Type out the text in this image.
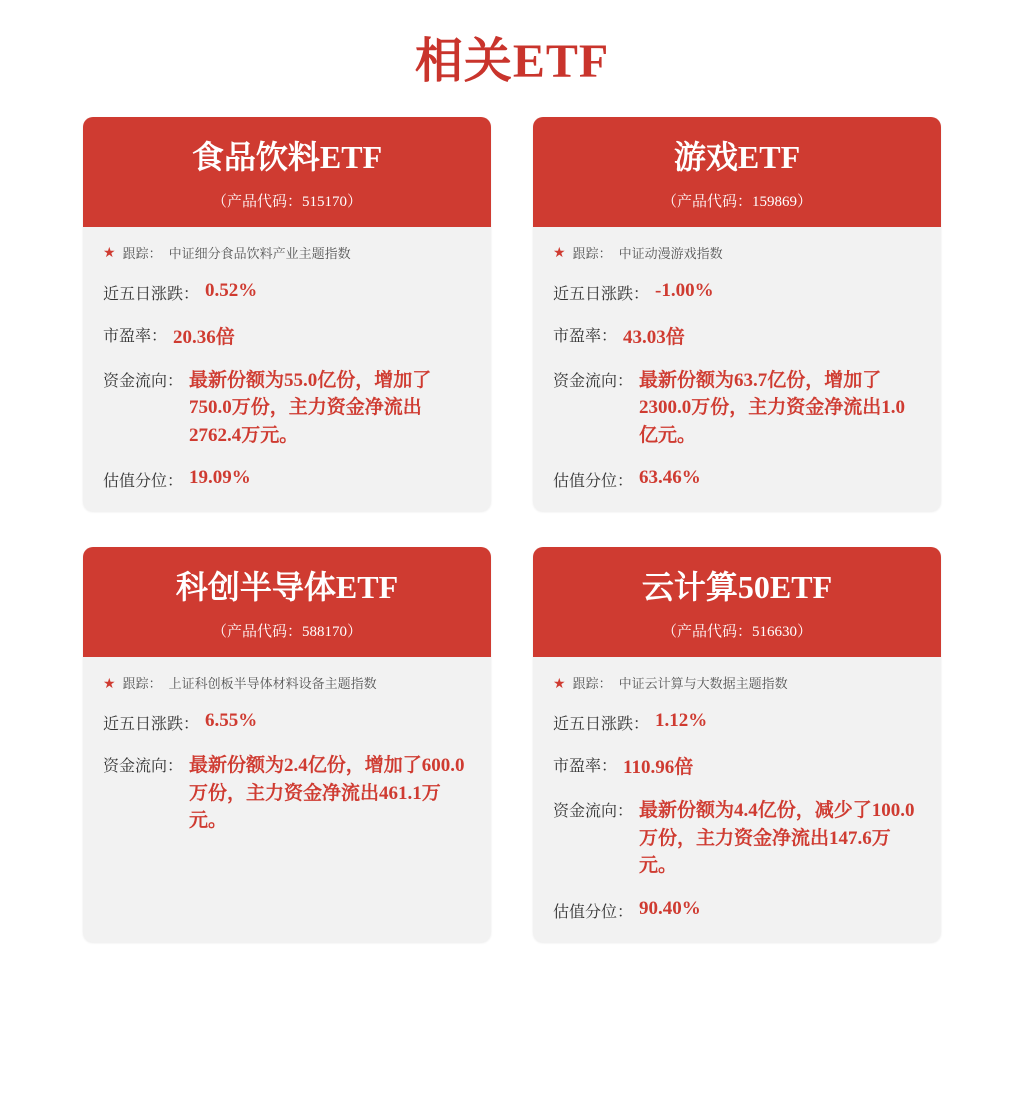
相关ETF
食品饮料ETF
（产品代码：515170）
★ 跟踪： 中证细分食品饮料产业主题指数
近五日涨跌： 0.52%
市盈率： 20.36倍
资金流向： 最新份额为55.0亿份，增加了750.0万份，主力资金净流出2762.4万元。
估值分位： 19.09%
游戏ETF
（产品代码：159869）
★ 跟踪： 中证动漫游戏指数
近五日涨跌： -1.00%
市盈率： 43.03倍
资金流向： 最新份额为63.7亿份，增加了2300.0万份，主力资金净流出1.0亿元。
估值分位： 63.46%
科创半导体ETF
（产品代码：588170）
★ 跟踪： 上证科创板半导体材料设备主题指数
近五日涨跌： 6.55%
资金流向： 最新份额为2.4亿份，增加了600.0万份，主力资金净流出461.1万元。
云计算50ETF
（产品代码：516630）
★ 跟踪： 中证云计算与大数据主题指数
近五日涨跌： 1.12%
市盈率： 110.96倍
资金流向： 最新份额为4.4亿份，减少了100.0万份，主力资金净流出147.6万元。
估值分位： 90.40%
